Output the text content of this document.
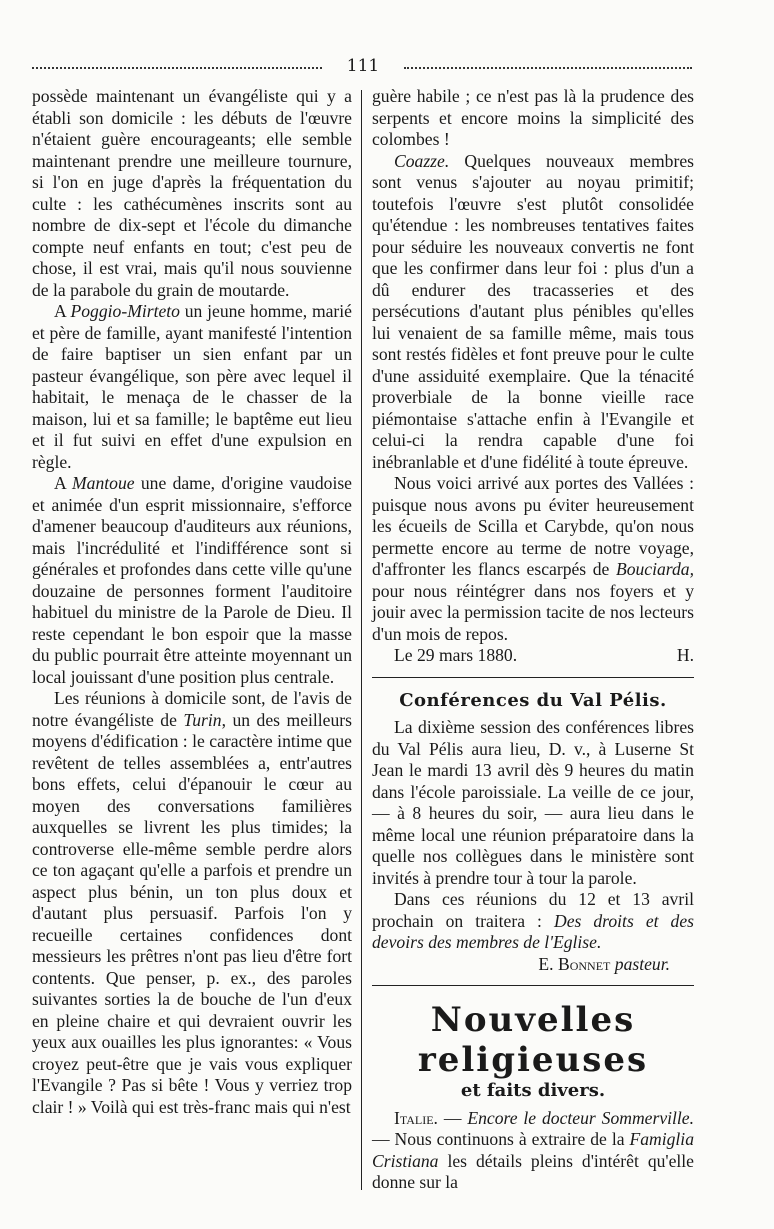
111

possède maintenant un évangéliste qui y a établi son domicile : les débuts de l'œuvre n'étaient guère encourageants; elle semble maintenant prendre une meilleure tournure, si l'on en juge d'après la fréquentation du culte : les cathécumènes inscrits sont au nombre de dix-sept et l'école du dimanche compte neuf enfants en tout; c'est peu de chose, il est vrai, mais qu'il nous souvienne de la parabole du grain de moutarde.

A Poggio-Mirteto un jeune homme, marié et père de famille, ayant manifesté l'intention de faire baptiser un sien enfant par un pasteur évangélique, son père avec lequel il habitait, le menaça de le chasser de la maison, lui et sa famille; le baptême eut lieu et il fut suivi en effet d'une expulsion en règle.

A Mantoue une dame, d'origine vaudoise et animée d'un esprit missionnaire, s'efforce d'amener beaucoup d'auditeurs aux réunions, mais l'incrédulité et l'indifférence sont si générales et profondes dans cette ville qu'une douzaine de personnes forment l'auditoire habituel du ministre de la Parole de Dieu. Il reste cependant le bon espoir que la masse du public pourrait être atteinte moyennant un local jouissant d'une position plus centrale.

Les réunions à domicile sont, de l'avis de notre évangéliste de Turin, un des meilleurs moyens d'édification : le caractère intime que revêtent de telles assemblées a, entr'autres bons effets, celui d'épanouir le cœur au moyen des conversations familières auxquelles se livrent les plus timides; la controverse elle-même semble perdre alors ce ton agaçant qu'elle a parfois et prendre un aspect plus bénin, un ton plus doux et d'autant plus persuasif. Parfois l'on y recueille certaines confidences dont messieurs les prêtres n'ont pas lieu d'être fort contents. Que penser, p. ex., des paroles suivantes sorties la de bouche de l'un d'eux en pleine chaire et qui devraient ouvrir les yeux aux ouailles les plus ignorantes: « Vous croyez peut-être que je vais vous expliquer l'Evangile ? Pas si bête ! Vous y verriez trop clair ! » Voilà qui est très-franc mais qui n'est

guère habile ; ce n'est pas là la prudence des serpents et encore moins la simplicité des colombes !

Coazze. Quelques nouveaux membres sont venus s'ajouter au noyau primitif; toutefois l'œuvre s'est plutôt consolidée qu'étendue : les nombreuses tentatives faites pour séduire les nouveaux convertis ne font que les confirmer dans leur foi : plus d'un a dû endurer des tracasseries et des persécutions d'autant plus pénibles qu'elles lui venaient de sa famille même, mais tous sont restés fidèles et font preuve pour le culte d'une assiduité exemplaire. Que la ténacité proverbiale de la bonne vieille race piémontaise s'attache enfin à l'Evangile et celui-ci la rendra capable d'une foi inébranlable et d'une fidélité à toute épreuve.

Nous voici arrivé aux portes des Vallées : puisque nous avons pu éviter heureusement les écueils de Scilla et Carybde, qu'on nous permette encore au terme de notre voyage, d'affronter les flancs escarpés de Bouciarda, pour nous réintégrer dans nos foyers et y jouir avec la permission tacite de nos lecteurs d'un mois de repos.

Le 29 mars 1880.	H.
Conférences du Val Pélis.

La dixième session des conférences libres du Val Pélis aura lieu, D. v., à Luserne St Jean le mardi 13 avril dès 9 heures du matin dans l'école paroissiale. La veille de ce jour, — à 8 heures du soir, — aura lieu dans le même local une réunion préparatoire dans la quelle nos collègues dans le ministère sont invités à prendre tour à tour la parole.

Dans ces réunions du 12 et 13 avril prochain on traitera : Des droits et des devoirs des membres de l'Eglise.

E. Bonnet pasteur.
Nouvelles religieuses
et faits divers.

Italie. — Encore le docteur Sommerville. — Nous continuons à extraire de la Famiglia Cristiana les détails pleins d'intérêt qu'elle donne sur la
